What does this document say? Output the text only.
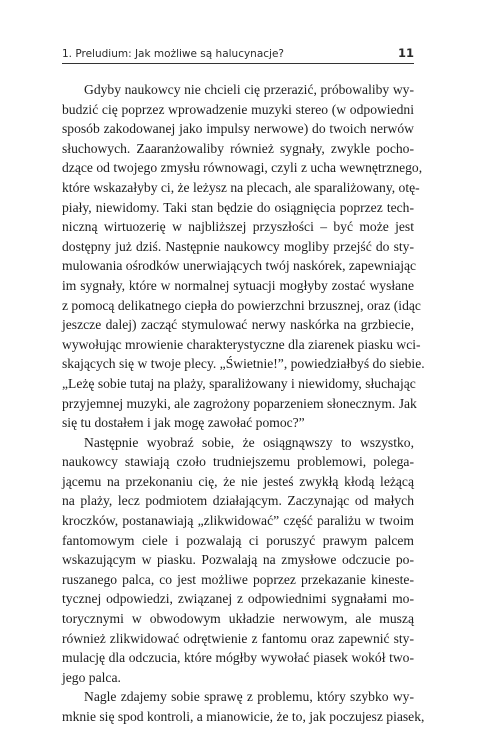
1. Preludium: Jak możliwe są halucynacje?	11
Gdyby naukowcy nie chcieli cię przerazić, próbowaliby wy-
budzić cię poprzez wprowadzenie muzyki stereo (w odpowiedni
sposób zakodowanej jako impulsy nerwowe) do twoich nerwów
słuchowych. Zaaranżowaliby również sygnały, zwykle pocho-
dzące od twojego zmysłu równowagi, czyli z ucha wewnętrznego,
które wskazałyby ci, że leżysz na plecach, ale sparaliżowany, otę-
piały, niewidomy. Taki stan będzie do osiągnięcia poprzez tech-
niczną wirtuozerię w najbliższej przyszłości – być może jest
dostępny już dziś. Następnie naukowcy mogliby przejść do sty-
mulowania ośrodków unerwiających twój naskórek, zapewniając
im sygnały, które w normalnej sytuacji mogłyby zostać wysłane
z pomocą delikatnego ciepła do powierzchni brzusznej, oraz (idąc
jeszcze dalej) zacząć stymulować nerwy naskórka na grzbiecie,
wywołując mrowienie charakterystyczne dla ziarenek piasku wci-
skających się w twoje plecy. „Świetnie!”, powiedziałbyś do siebie.
„Leżę sobie tutaj na plaży, sparaliżowany i niewidomy, słuchając
przyjemnej muzyki, ale zagrożony poparzeniem słonecznym. Jak
się tu dostałem i jak mogę zawołać pomoc?”
Następnie wyobraź sobie, że osiągnąwszy to wszystko,
naukowcy stawiają czoło trudniejszemu problemowi, polega-
jącemu na przekonaniu cię, że nie jesteś zwykłą kłodą leżącą
na plaży, lecz podmiotem działającym. Zaczynając od małych
kroczków, postanawiają „zlikwidować” część paraliżu w twoim
fantomowym ciele i pozwalają ci poruszyć prawym palcem
wskazującym w piasku. Pozwalają na zmysłowe odczucie po-
ruszanego palca, co jest możliwe poprzez przekazanie kineste-
tycznej odpowiedzi, związanej z odpowiednimi sygnałami mo-
torycznymi w obwodowym układzie nerwowym, ale muszą
również zlikwidować odrętwienie z fantomu oraz zapewnić sty-
mulację dla odczucia, które mógłby wywołać piasek wokół two-
jego palca.
Nagle zdajemy sobie sprawę z problemu, który szybko wy-
mknie się spod kontroli, a mianowicie, że to, jak poczujesz piasek,
